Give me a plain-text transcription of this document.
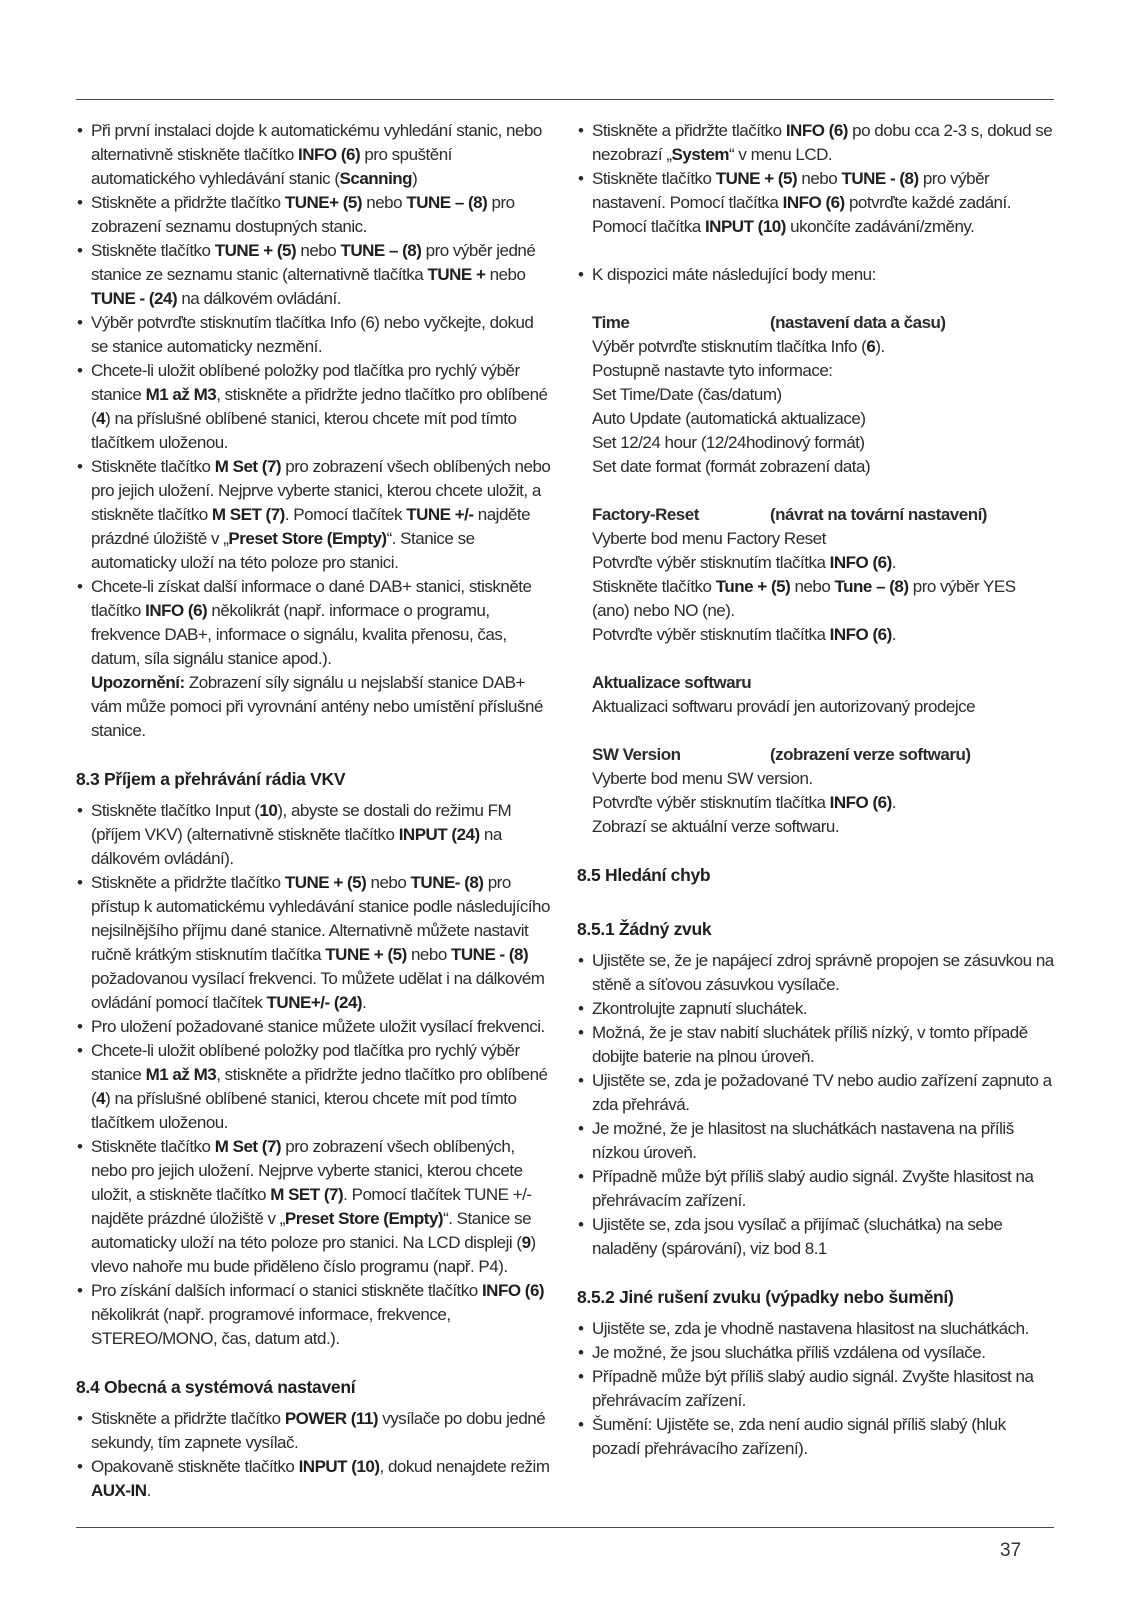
• Při první instalaci dojde k automatickému vyhledání stanic, nebo alternativně stiskněte tlačítko INFO (6) pro spuštění automatického vyhledávání stanic (Scanning)
• Stiskněte a přidržte tlačítko TUNE+ (5) nebo TUNE – (8) pro zobrazení seznamu dostupných stanic.
• Stiskněte tlačítko TUNE + (5) nebo TUNE – (8) pro výběr jedné stanice ze seznamu stanic (alternativně tlačítka TUNE + nebo TUNE - (24) na dálkovém ovládání.
• Výběr potvrďte stisknutím tlačítka Info (6) nebo vyčkejte, dokud se stanice automaticky nezmění.
• Chcete-li uložit oblíbené položky pod tlačítka pro rychlý výběr stanice M1 až M3, stiskněte a přidržte jedno tlačítko pro oblíbené (4) na příslušné oblíbené stanici, kterou chcete mít pod tímto tlačítkem uloženou.
• Stiskněte tlačítko M Set (7) pro zobrazení všech oblíbených nebo pro jejich uložení. Nejprve vyberte stanici, kterou chcete uložit, a stiskněte tlačítko M SET (7). Pomocí tlačítek TUNE +/- najděte prázdné úložiště v „Preset Store (Empty)“. Stanice se automaticky uloží na této poloze pro stanici.
• Chcete-li získat další informace o dané DAB+ stanici, stiskněte tlačítko INFO (6) několikrát (např. informace o programu, frekvence DAB+, informace o signálu, kvalita přenosu, čas, datum, síla signálu stanice apod.).
Upozornění: Zobrazení síly signálu u nejslabší stanice DAB+ vám může pomoci při vyrovnání antény nebo umístění příslušné stanice.
8.3 Příjem a přehrávání rádia VKV
• Stiskněte tlačítko Input (10), abyste se dostali do režimu FM (příjem VKV) (alternativně stiskněte tlačítko INPUT (24) na dálkovém ovládání).
• Stiskněte a přidržte tlačítko TUNE + (5) nebo TUNE- (8) pro přístup k automatickému vyhledávání stanice podle následujícího nejsilnějšího příjmu dané stanice. Alternativně můžete nastavit ručně krátkým stisknutím tlačítka TUNE + (5) nebo TUNE - (8) požadovanou vysílací frekvenci. To můžete udělat i na dálkovém ovládání pomocí tlačítek TUNE+/- (24).
• Pro uložení požadované stanice můžete uložit vysílací frekvenci.
• Chcete-li uložit oblíbené položky pod tlačítka pro rychlý výběr stanice M1 až M3, stiskněte a přidržte jedno tlačítko pro oblíbené (4) na příslušné oblíbené stanici, kterou chcete mít pod tímto tlačítkem uloženou.
• Stiskněte tlačítko M Set (7) pro zobrazení všech oblíbených, nebo pro jejich uložení. Nejprve vyberte stanici, kterou chcete uložit, a stiskněte tlačítko M SET (7). Pomocí tlačítek TUNE +/- najděte prázdné úložiště v „Preset Store (Empty)“. Stanice se automaticky uloží na této poloze pro stanici. Na LCD displeji (9) vlevo nahoře mu bude přiděleno číslo programu (např. P4).
• Pro získání dalších informací o stanici stiskněte tlačítko INFO (6) několikrát (např. programové informace, frekvence, STEREO/MONO, čas, datum atd.).
8.4 Obecná a systémová nastavení
• Stiskněte a přidržte tlačítko POWER (11) vysílače po dobu jedné sekundy, tím zapnete vysílač.
• Opakovaně stiskněte tlačítko INPUT (10), dokud nenajdete režim AUX-IN.
• Stiskněte a přidržte tlačítko INFO (6) po dobu cca 2-3 s, dokud se nezobrazí „System“ v menu LCD.
• Stiskněte tlačítko TUNE + (5) nebo TUNE - (8) pro výběr nastavení. Pomocí tlačítka INFO (6) potvrďte každé zadání. Pomocí tlačítka INPUT (10) ukončíte zadávání/změny.
• K dispozici máte následující body menu:
Time	(nastavení data a času)
Výběr potvrďte stisknutím tlačítka Info (6).
Postupně nastavte tyto informace:
Set Time/Date (čas/datum)
Auto Update (automatická aktualizace)
Set 12/24 hour (12/24hodinový formát)
Set date format (formát zobrazení data)
Factory-Reset	(návrat na tovární nastavení)
Vyberte bod menu Factory Reset
Potvrďte výběr stisknutím tlačítka INFO (6).
Stiskněte tlačítko Tune + (5) nebo Tune – (8) pro výběr YES (ano) nebo NO (ne).
Potvrďte výběr stisknutím tlačítka INFO (6).
Aktualizace softwaru
Aktualizaci softwaru provádí jen autorizovaný prodejce
SW Version	(zobrazení verze softwaru)
Vyberte bod menu SW version.
Potvrďte výběr stisknutím tlačítka INFO (6).
Zobrazí se aktuální verze softwaru.
8.5 Hledání chyb
8.5.1 Žádný zvuk
• Ujistěte se, že je napájecí zdroj správně propojen se zásuvkou na stěně a síťovou zásuvkou vysílače.
• Zkontrolujte zapnutí sluchátek.
• Možná, že je stav nabití sluchátek příliš nízký, v tomto případě dobijte baterie na plnou úroveň.
• Ujistěte se, zda je požadované TV nebo audio zařízení zapnuto a zda přehrává.
• Je možné, že je hlasitost na sluchátkách nastavena na příliš nízkou úroveň.
• Případně může být příliš slabý audio signál. Zvyšte hlasitost na přehrávacím zařízení.
• Ujistěte se, zda jsou vysílač a přijímač (sluchátka) na sebe naladěny (spárování), viz bod 8.1
8.5.2 Jiné rušení zvuku (výpadky nebo šumění)
• Ujistěte se, zda je vhodně nastavena hlasitost na sluchátkách.
• Je možné, že jsou sluchátka příliš vzdálena od vysílače.
• Případně může být příliš slabý audio signál. Zvyšte hlasitost na přehrávacím zařízení.
• Šumění: Ujistěte se, zda není audio signál příliš slabý (hluk pozadí přehrávacího zařízení).
37
